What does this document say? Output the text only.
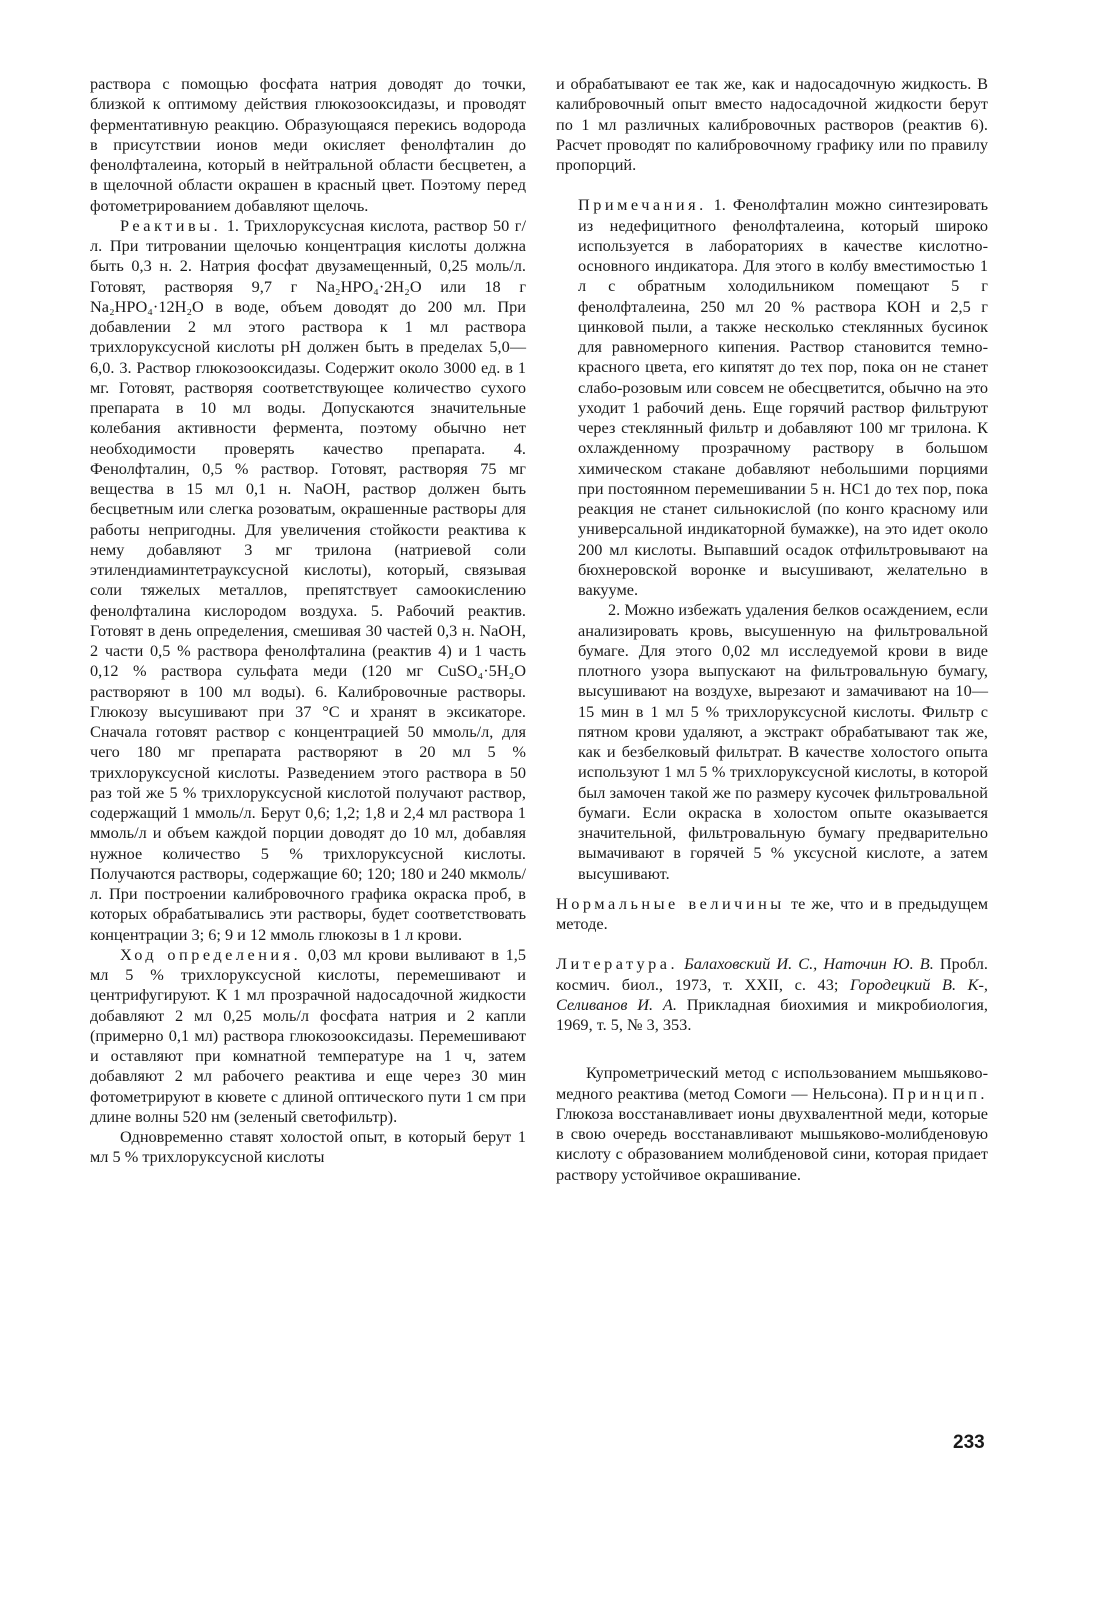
раствора с помощью фосфата натрия доводят до точки, близкой к оптимому действия глюкозооксидазы, и проводят ферментативную реакцию. Образующаяся перекись водорода в присутствии ионов меди окисляет фенолфталин до фенолфталеина, который в нейтральной области бесцветен, а в щелочной области окрашен в красный цвет. Поэтому перед фотометрированием добавляют щелочь.

Реактивы. 1. Трихлоруксусная кислота, раствор 50 г/л. При титровании щелочью концентрация кислоты должна быть 0,3 н. 2. Натрия фосфат двузамещенный, 0,25 моль/л. Готовят, растворяя 9,7 г Na₂HPO₄·2H₂O или 18 г Na₂HPO₄·12H₂O в воде, объем доводят до 200 мл. При добавлении 2 мл этого раствора к 1 мл раствора трихлоруксусной кислоты рН должен быть в пределах 5,0—6,0. 3. Раствор глюкозооксидазы. Содержит около 3000 ед. в 1 мг. Готовят, растворяя соответствующее количество сухого препарата в 10 мл воды. Допускаются значительные колебания активности фермента, поэтому обычно нет необходимости проверять качество препарата. 4. Фенолфталин, 0,5 % раствор. Готовят, растворяя 75 мг вещества в 15 мл 0,1 н. NaOH, раствор должен быть бесцветным или слегка розоватым, окрашенные растворы для работы непригодны. Для увеличения стойкости реактива к нему добавляют 3 мг трилона (натриевой соли этилендиаминтетрауксусной кислоты), который, связывая соли тяжелых металлов, препятствует самоокислению фенолфталина кислородом воздуха. 5. Рабочий реактив. Готовят в день определения, смешивая 30 частей 0,3 н. NaOH, 2 части 0,5 % раствора фенолфталина (реактив 4) и 1 часть 0,12 % раствора сульфата меди (120 мг CuSO₄·5H₂O растворяют в 100 мл воды). 6. Калибровочные растворы. Глюкозу высушивают при 37 °С и хранят в эксикаторе. Сначала готовят раствор с концентрацией 50 ммоль/л, для чего 180 мг препарата растворяют в 20 мл 5 % трихлоруксусной кислоты. Разведением этого раствора в 50 раз той же 5 % трихлоруксусной кислотой получают раствор, содержащий 1 ммоль/л. Берут 0,6; 1,2; 1,8 и 2,4 мл раствора 1 ммоль/л и объем каждой порции доводят до 10 мл, добавляя нужное количество 5 % трихлоруксусной кислоты. Получаются растворы, содержащие 60; 120; 180 и 240 мкмоль/л. При построении калибровочного графика окраска проб, в которых обрабатывались эти растворы, будет соответствовать концентрации 3; 6; 9 и 12 ммоль глюкозы в 1 л крови.

Ход определения. 0,03 мл крови выливают в 1,5 мл 5 % трихлоруксусной кислоты, перемешивают и центрифугируют. К 1 мл прозрачной надосадочной жидкости добавляют 2 мл 0,25 моль/л фосфата натрия и 2 капли (примерно 0,1 мл) раствора глюкозооксидазы. Перемешивают и оставляют при комнатной температуре на 1 ч, затем добавляют 2 мл рабочего реактива и еще через 30 мин фотометрируют в кювете с длиной оптического пути 1 см при длине волны 520 нм (зеленый светофильтр).

Одновременно ставят холостой опыт, в который берут 1 мл 5 % трихлоруксусной кислоты

и обрабатывают ее так же, как и надосадочную жидкость. В калибровочный опыт вместо надосадочной жидкости берут по 1 мл различных калибровочных растворов (реактив 6). Расчет проводят по калибровочному графику или по правилу пропорций.

Примечания. 1. Фенолфталин можно синтезировать из недефицитного фенолфталеина, который широко используется в лабораториях в качестве кислотно-основного индикатора. Для этого в колбу вместимостью 1 л с обратным холодильником помещают 5 г фенолфталеина, 250 мл 20 % раствора КОН и 2,5 г цинковой пыли, а также несколько стеклянных бусинок для равномерного кипения. Раствор становится темно-красного цвета, его кипятят до тех пор, пока он не станет слабо-розовым или совсем не обесцветится, обычно на это уходит 1 рабочий день. Еще горячий раствор фильтруют через стеклянный фильтр и добавляют 100 мг трилона. К охлажденному прозрачному раствору в большом химическом стакане добавляют небольшими порциями при постоянном перемешивании 5 н. НС1 до тех пор, пока реакция не станет сильнокислой (по конго красному или универсальной индикаторной бумажке), на это идет около 200 мл кислоты. Выпавший осадок отфильтровывают на бюхнеровской воронке и высушивают, желательно в вакууме.

2. Можно избежать удаления белков осаждением, если анализировать кровь, высушенную на фильтровальной бумаге. Для этого 0,02 мл исследуемой крови в виде плотного узора выпускают на фильтровальную бумагу, высушивают на воздухе, вырезают и замачивают на 10—15 мин в 1 мл 5 % трихлоруксусной кислоты. Фильтр с пятном крови удаляют, а экстракт обрабатывают так же, как и безбелковый фильтрат. В качестве холостого опыта используют 1 мл 5 % трихлоруксусной кислоты, в которой был замочен такой же по размеру кусочек фильтровальной бумаги. Если окраска в холостом опыте оказывается значительной, фильтровальную бумагу предварительно вымачивают в горячей 5 % уксусной кислоте, а затем высушивают.

Нормальные величины те же, что и в предыдущем методе.

Литература. Балаховский И. С., Наточин Ю. В. Пробл. космич. биол., 1973, т. XXII, с. 43; Городецкий В. К-, Селиванов И. А. Прикладная биохимия и микробиология, 1969, т. 5, № 3, 353.

Купрометрический метод с использованием мышьяково-медного реактива (метод Сомоги — Нельсона). Принцип. Глюкоза восстанавливает ионы двухвалентной меди, которые в свою очередь восстанавливают мышьяково-молибденовую кислоту с образованием молибденовой сини, которая придает раствору устойчивое окрашивание.

233
